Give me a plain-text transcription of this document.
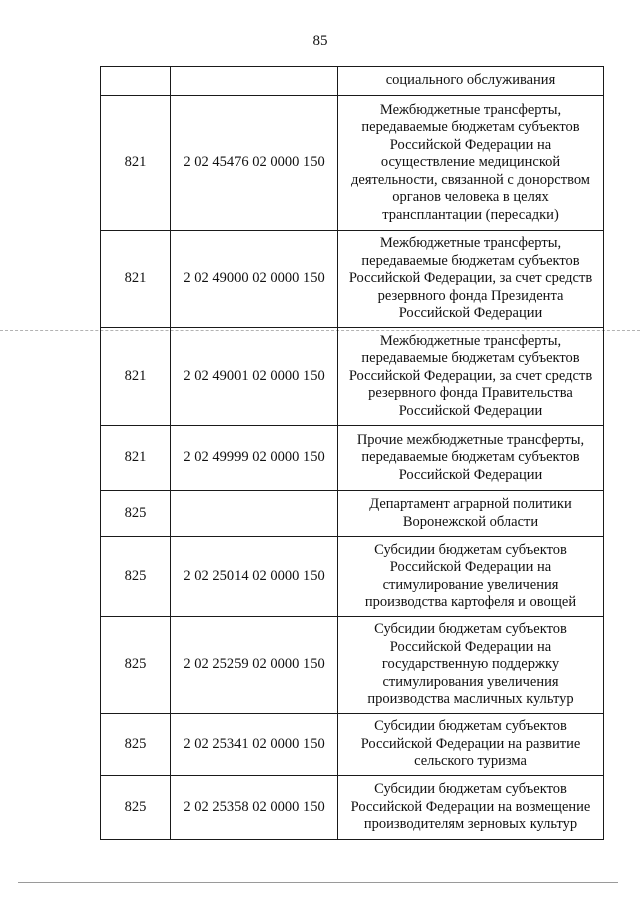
85
		социального обслуживания
821	2 02 45476 02 0000 150	Межбюджетные трансферты, передаваемые бюджетам субъектов Российской Федерации на осуществление медицинской деятельности, связанной с донорством органов человека в целях трансплантации (пересадки)
821	2 02 49000 02 0000 150	Межбюджетные трансферты, передаваемые бюджетам субъектов Российской Федерации, за счет средств резервного фонда Президента Российской Федерации
821	2 02 49001 02 0000 150	Межбюджетные трансферты, передаваемые бюджетам субъектов Российской Федерации, за счет средств резервного фонда Правительства Российской Федерации
821	2 02 49999 02 0000 150	Прочие межбюджетные трансферты, передаваемые бюджетам субъектов Российской Федерации
825		Департамент аграрной политики Воронежской области
825	2 02 25014 02 0000 150	Субсидии бюджетам субъектов Российской Федерации на стимулирование увеличения производства картофеля и овощей
825	2 02 25259 02 0000 150	Субсидии бюджетам субъектов Российской Федерации на государственную поддержку стимулирования увеличения производства масличных культур
825	2 02 25341 02 0000 150	Субсидии бюджетам субъектов Российской Федерации на развитие сельского туризма
825	2 02 25358 02 0000 150	Субсидии бюджетам субъектов Российской Федерации на возмещение производителям зерновых культур
